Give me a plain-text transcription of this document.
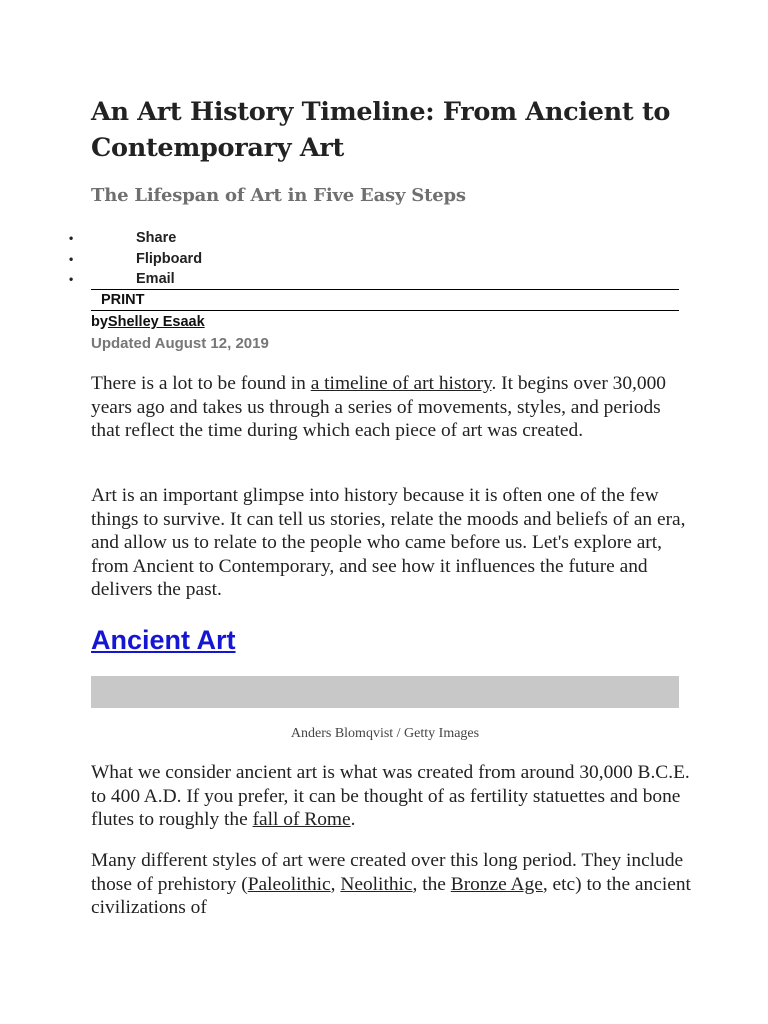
An Art History Timeline: From Ancient to Contemporary Art
The Lifespan of Art in Five Easy Steps
•	Share
•	Flipboard
•	Email
PRINT
byShelley Esaak
Updated August 12, 2019

There is a lot to be found in a timeline of art history. It begins over 30,000 years ago and takes us through a series of movements, styles, and periods that reflect the time during which each piece of art was created.

Art is an important glimpse into history because it is often one of the few things to survive. It can tell us stories, relate the moods and beliefs of an era, and allow us to relate to the people who came before us. Let's explore art, from Ancient to Contemporary, and see how it influences the future and delivers the past.

Ancient Art
Anders Blomqvist / Getty Images

What we consider ancient art is what was created from around 30,000 B.C.E. to 400 A.D. If you prefer, it can be thought of as fertility statuettes and bone flutes to roughly the fall of Rome.

Many different styles of art were created over this long period. They include those of prehistory (Paleolithic, Neolithic, the Bronze Age, etc) to the ancient civilizations of
